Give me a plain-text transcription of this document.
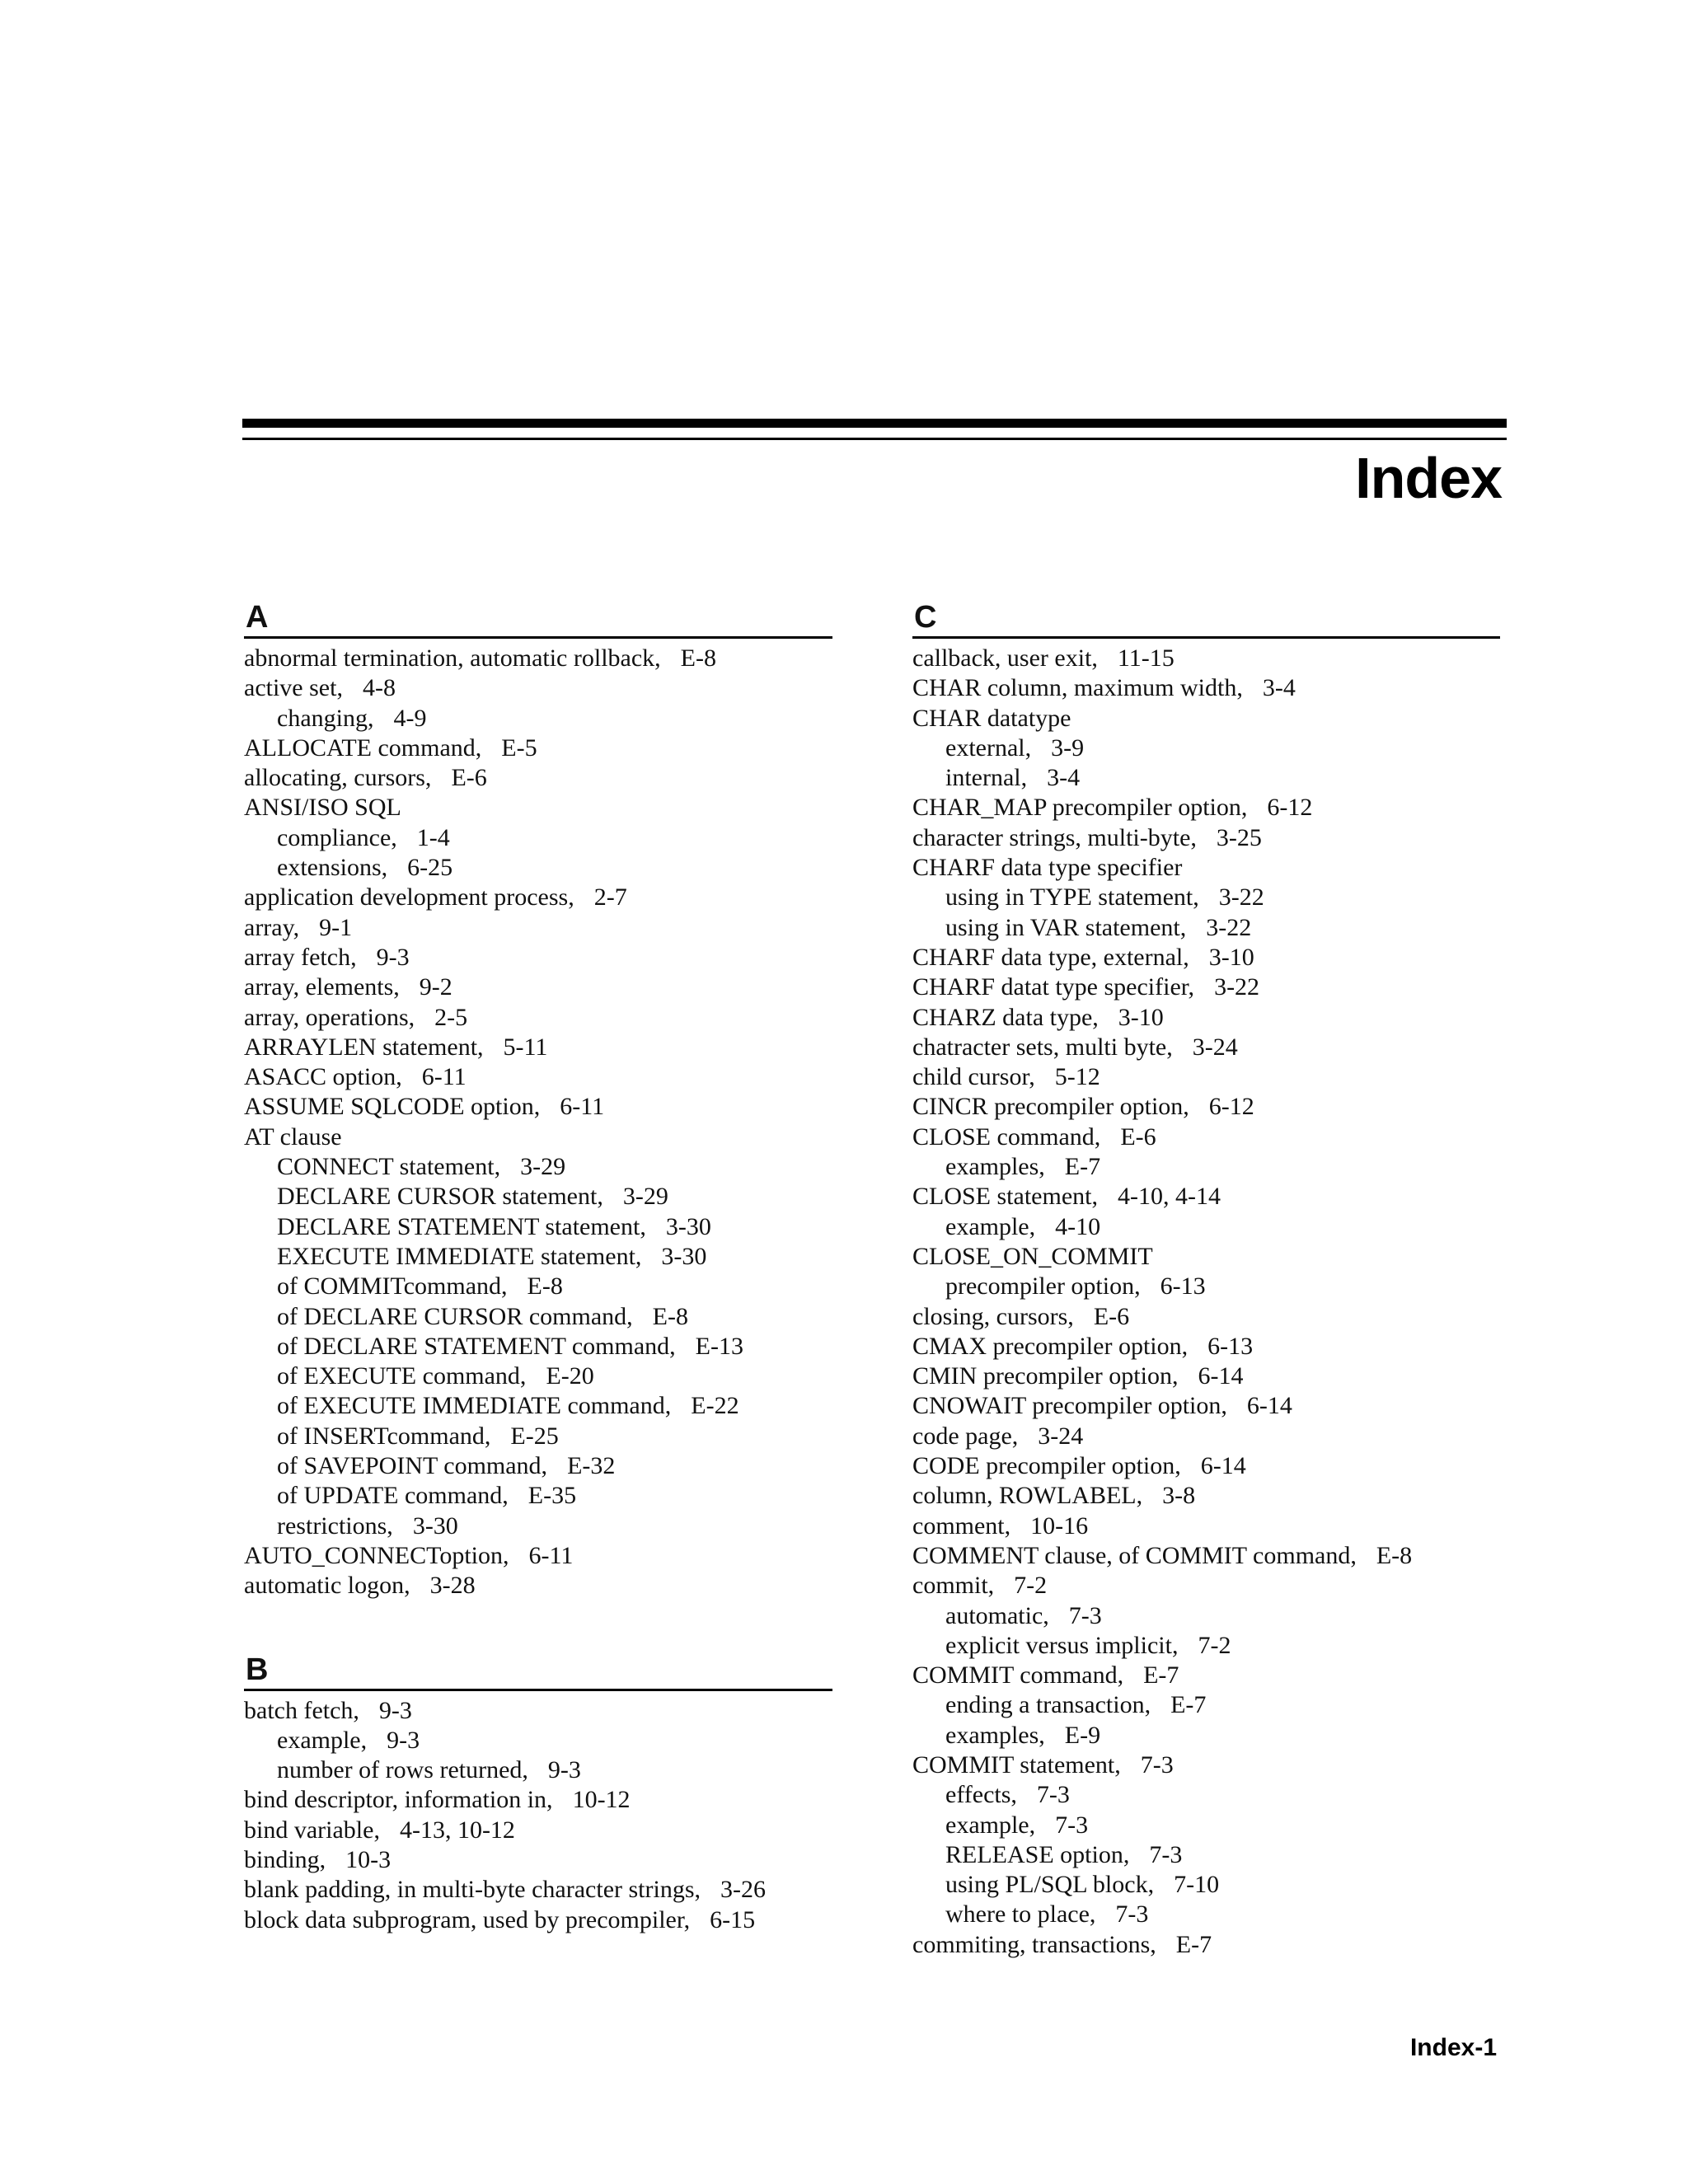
Index
A
abnormal termination, automatic rollback, E-8
active set, 4-8
changing, 4-9
ALLOCATE command, E-5
allocating, cursors, E-6
ANSI/ISO SQL
compliance, 1-4
extensions, 6-25
application development process, 2-7
array, 9-1
array fetch, 9-3
array, elements, 9-2
array, operations, 2-5
ARRAYLEN statement, 5-11
ASACC option, 6-11
ASSUME SQLCODE option, 6-11
AT clause
CONNECT statement, 3-29
DECLARE CURSOR statement, 3-29
DECLARE STATEMENT statement, 3-30
EXECUTE IMMEDIATE statement, 3-30
of COMMITcommand, E-8
of DECLARE CURSOR command, E-8
of DECLARE STATEMENT command, E-13
of EXECUTE command, E-20
of EXECUTE IMMEDIATE command, E-22
of INSERTcommand, E-25
of SAVEPOINT command, E-32
of UPDATE command, E-35
restrictions, 3-30
AUTO_CONNECToption, 6-11
automatic logon, 3-28
B
batch fetch, 9-3
example, 9-3
number of rows returned, 9-3
bind descriptor, information in, 10-12
bind variable, 4-13, 10-12
binding, 10-3
blank padding, in multi-byte character strings, 3-26
block data subprogram, used by precompiler, 6-15
C
callback, user exit, 11-15
CHAR column, maximum width, 3-4
CHAR datatype
external, 3-9
internal, 3-4
CHAR_MAP precompiler option, 6-12
character strings, multi-byte, 3-25
CHARF data type specifier
using in TYPE statement, 3-22
using in VAR statement, 3-22
CHARF data type, external, 3-10
CHARF datat type specifier, 3-22
CHARZ data type, 3-10
chatracter sets, multi byte, 3-24
child cursor, 5-12
CINCR precompiler option, 6-12
CLOSE command, E-6
examples, E-7
CLOSE statement, 4-10, 4-14
example, 4-10
CLOSE_ON_COMMIT
precompiler option, 6-13
closing, cursors, E-6
CMAX precompiler option, 6-13
CMIN precompiler option, 6-14
CNOWAIT precompiler option, 6-14
code page, 3-24
CODE precompiler option, 6-14
column, ROWLABEL, 3-8
comment, 10-16
COMMENT clause, of COMMIT command, E-8
commit, 7-2
automatic, 7-3
explicit versus implicit, 7-2
COMMIT command, E-7
ending a transaction, E-7
examples, E-9
COMMIT statement, 7-3
effects, 7-3
example, 7-3
RELEASE option, 7-3
using PL/SQL block, 7-10
where to place, 7-3
commiting, transactions, E-7
Index-1
